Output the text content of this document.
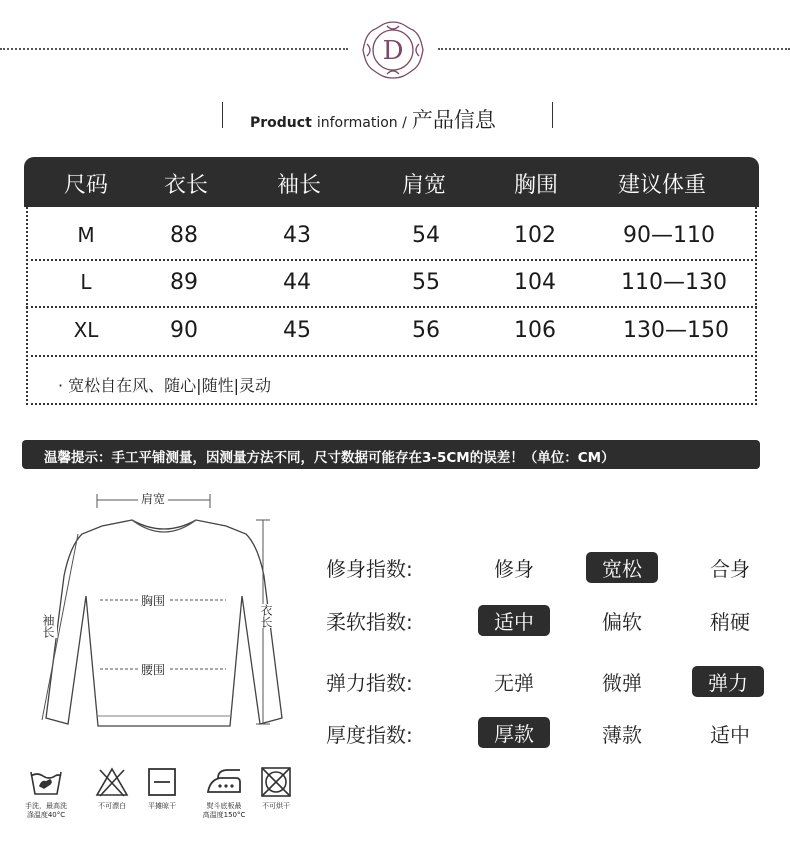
D
Product information / 产品信息
尺码	衣长	袖长	肩宽	胸围	建议体重
M	88	43	54	102	90—110
L	89	44	55	104	110—130
XL	90	45	56	106	130—150
· 宽松自在风、随心|随性|灵动
温馨提示：手工平铺测量，因测量方法不同，尺寸数据可能存在3-5CM的误差！（单位：CM）
肩宽
胸围
腰围
袖长	衣长
修身指数:	修身	宽松	合身
柔软指数:	适中	偏软	稍硬
弹力指数:	无弹	微弹	弹力
厚度指数:	厚款	薄款	适中
手洗，最高洗
涤温度40°C
不可漂白	平摊晾干	熨斗底板最
高温度150°C
不可烘干
